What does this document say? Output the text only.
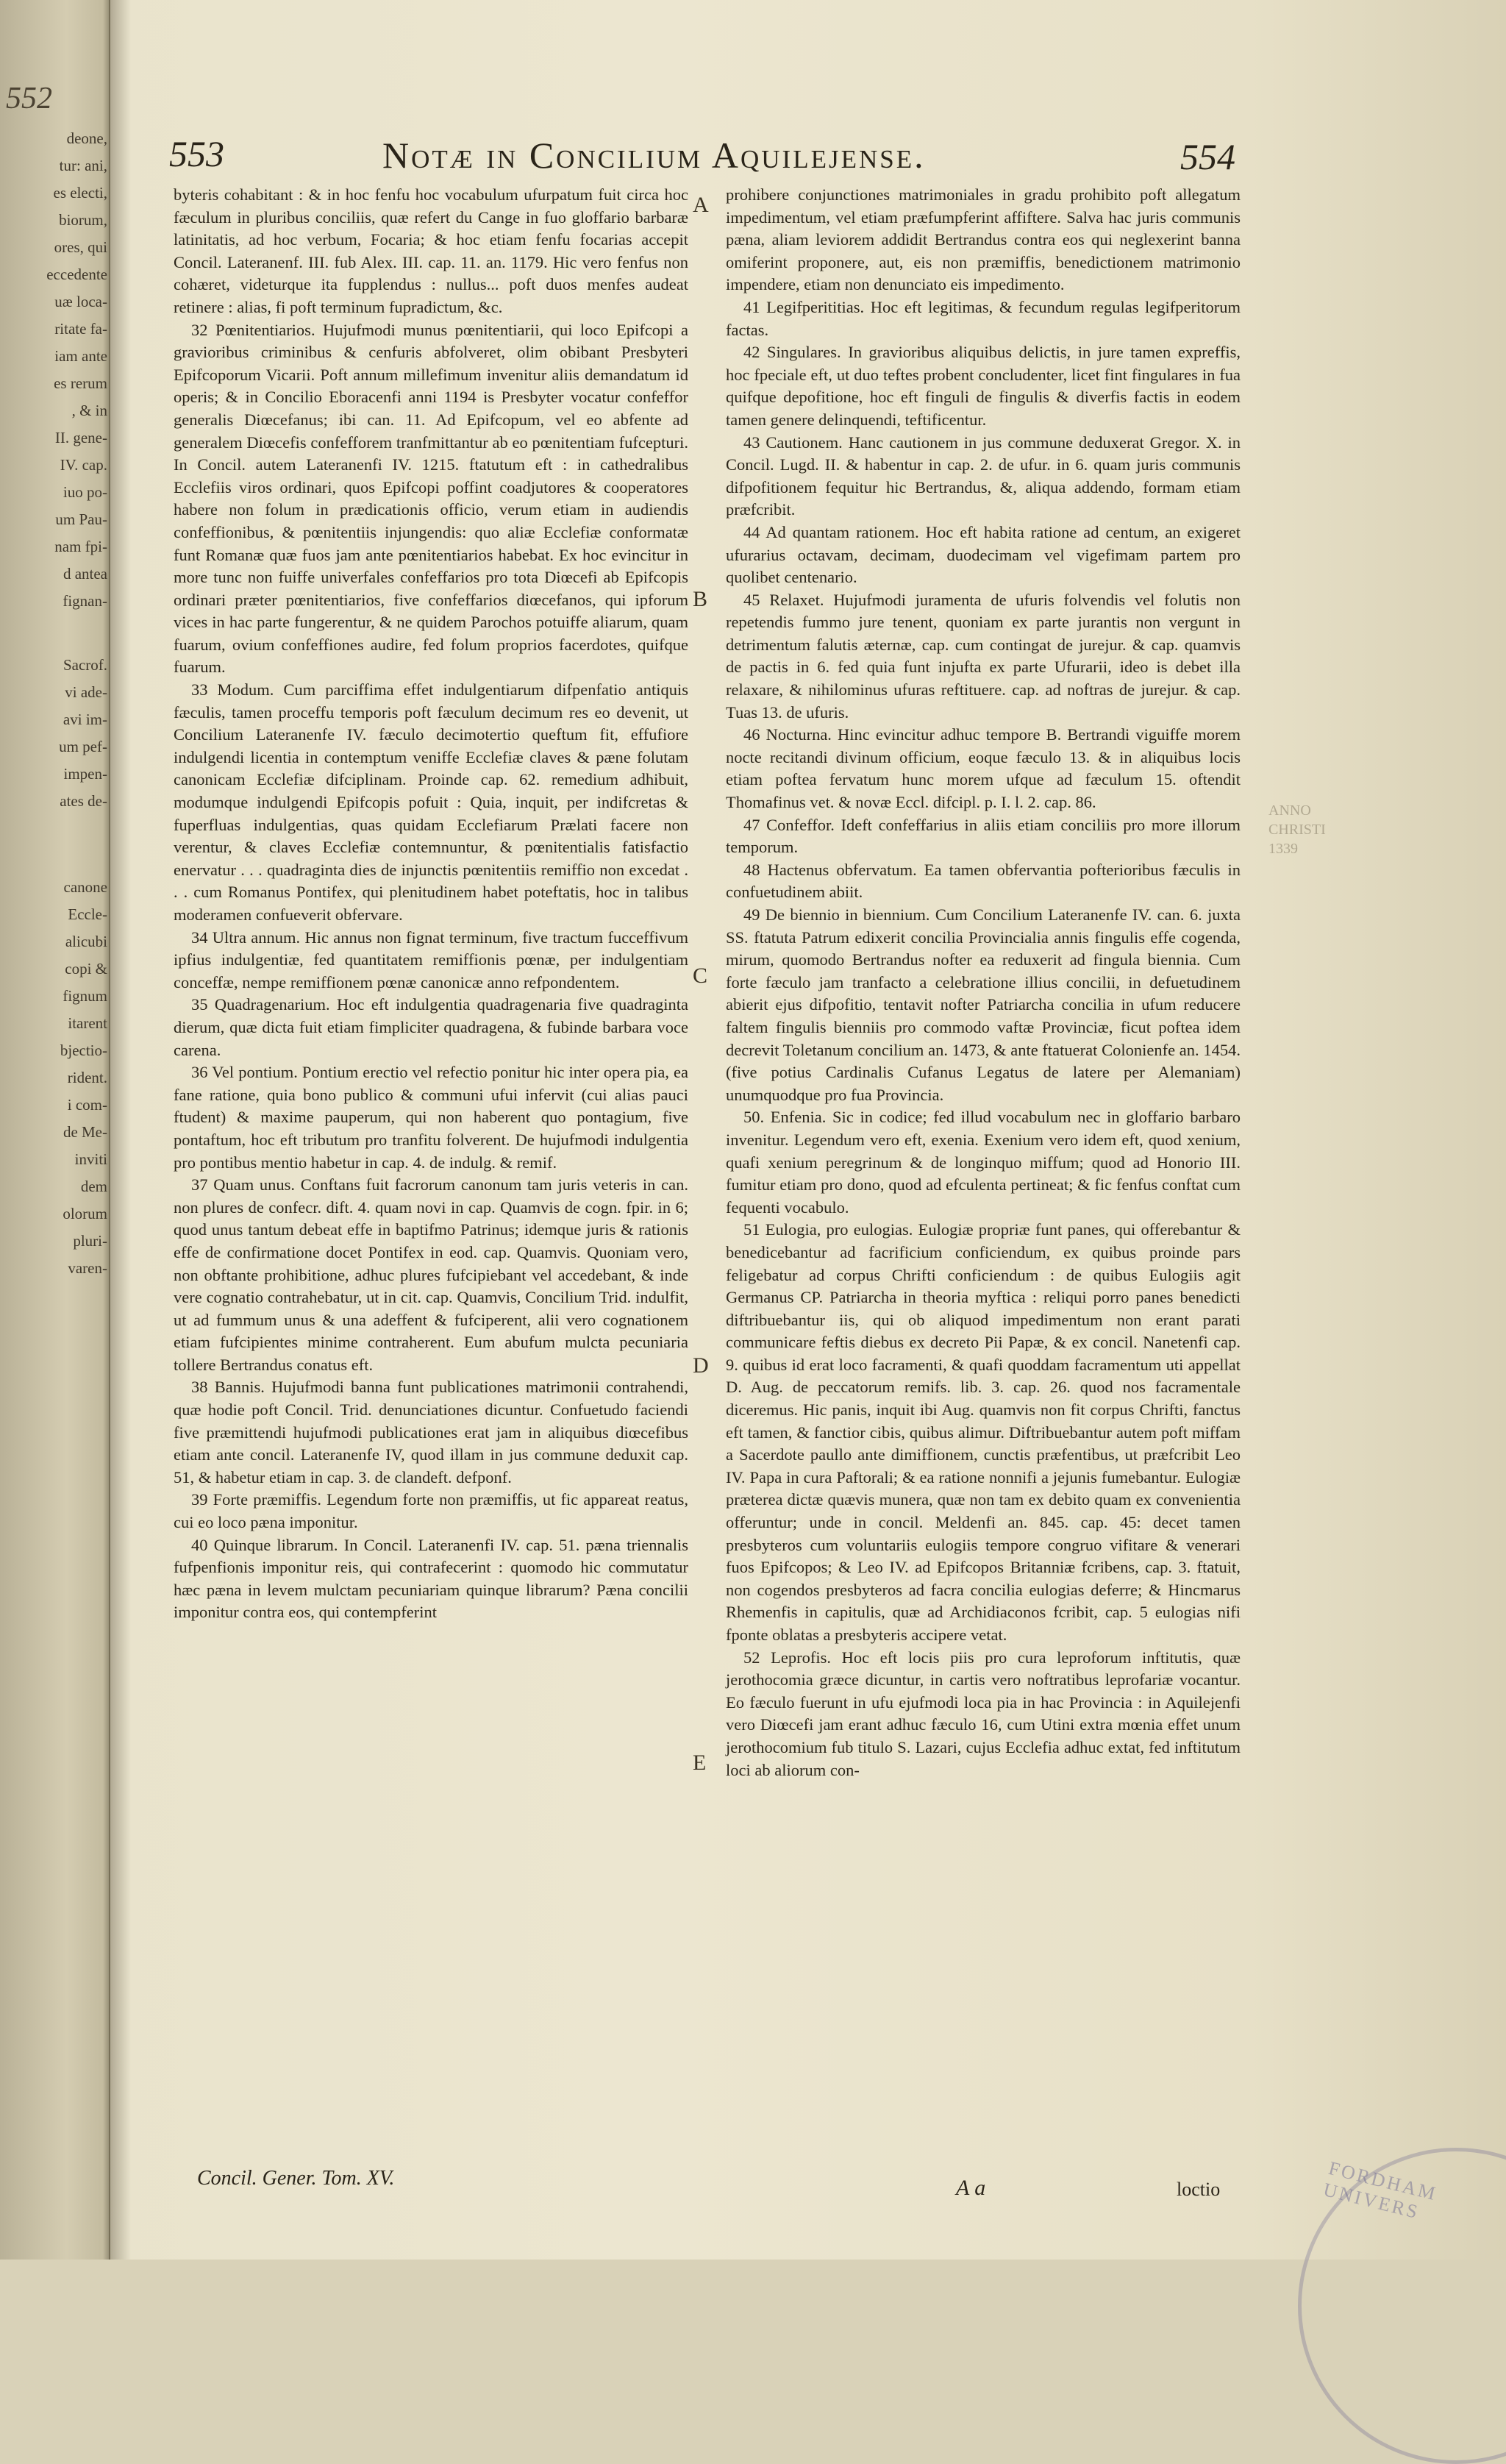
552
deone,
tur: ani,
es electi,
biorum,
ores, qui
eccedente
uæ loca-
ritate fa-
iam ante
es rerum
, & in
II. gene-
IV. cap.
iuo po-
um Pau-
nam fpi-
d antea
fignan-
Sacrof.
vi ade-
avi im-
um pef-
impen-
ates de-
canone
Eccle-
alicubi
copi &
fignum
itarent
bjectio-
rident.
i com-
de Me-
inviti
dem
olorum
pluri-
varen-
553	Notæ in Concilium Aquilejense.	554

byteris cohabitant : & in hoc fenfu hoc vocabulum ufurpatum fuit circa hoc fæculum in pluribus conciliis, quæ refert du Cange in fuo gloffario barbaræ latinitatis, ad hoc verbum, Focaria; & hoc etiam fenfu focarias accepit Concil. Lateranenf. III. fub Alex. III. cap. 11. an. 1179. Hic vero fenfus non cohæret, videturque ita fupplendus : nullus... poft duos menfes audeat retinere : alias, fi poft terminum fupradictum, &c.

32 Pœnitentiarios. Hujufmodi munus pœnitentiarii, qui loco Epifcopi a gravioribus criminibus & cenfuris abfolveret, olim obibant Presbyteri Epifcoporum Vicarii. Poft annum millefimum invenitur aliis demandatum id operis; & in Concilio Eboracenfi anni 1194 is Presbyter vocatur confeffor generalis Diœcefanus; ibi can. 11. Ad Epifcopum, vel eo abfente ad generalem Diœcefis confefforem tranfmittantur ab eo pœnitentiam fufcepturi. In Concil. autem Lateranenfi IV. 1215. ftatutum eft : in cathedralibus Ecclefiis viros ordinari, quos Epifcopi poffint coadjutores & cooperatores habere non folum in prædicationis officio, verum etiam in audiendis confeffionibus, & pœnitentiis injungendis: quo aliæ Ecclefiæ conformatæ funt Romanæ quæ fuos jam ante pœnitentiarios habebat. Ex hoc evincitur in more tunc non fuiffe univerfales confeffarios pro tota Diœcefi ab Epifcopis ordinari præter pœnitentiarios, five confeffarios diœcefanos, qui ipforum vices in hac parte fungerentur, & ne quidem Parochos potuiffe aliarum, quam fuarum, ovium confeffiones audire, fed folum proprios facerdotes, quifque fuarum.

33 Modum. Cum parciffima effet indulgentiarum difpenfatio antiquis fæculis, tamen proceffu temporis poft fæculum decimum res eo devenit, ut Concilium Lateranenfe IV. fæculo decimotertio queftum fit, effufiore indulgendi licentia in contemptum veniffe Ecclefiæ claves & pæne folutam canonicam Ecclefiæ difciplinam. Proinde cap. 62. remedium adhibuit, modumque indulgendi Epifcopis pofuit : Quia, inquit, per indifcretas & fuperfluas indulgentias, quas quidam Ecclefiarum Prælati facere non verentur, & claves Ecclefiæ contemnuntur, & pœnitentialis fatisfactio enervatur . . . quadraginta dies de injunctis pœnitentiis remiffio non excedat . . . cum Romanus Pontifex, qui plenitudinem habet poteftatis, hoc in talibus moderamen confueverit obfervare.

34 Ultra annum. Hic annus non fignat terminum, five tractum fucceffivum ipfius indulgentiæ, fed quantitatem remiffionis pœnæ, per indulgentiam conceffæ, nempe remiffionem pœnæ canonicæ anno refpondentem.

35 Quadragenarium. Hoc eft indulgentia quadragenaria five quadraginta dierum, quæ dicta fuit etiam fimpliciter quadragena, & fubinde barbara voce carena.

36 Vel pontium. Pontium erectio vel refectio ponitur hic inter opera pia, ea fane ratione, quia bono publico & communi ufui infervit (cui alias pauci ftudent) & maxime pauperum, qui non haberent quo pontagium, five pontaftum, hoc eft tributum pro tranfitu folverent. De hujufmodi indulgentia pro pontibus mentio habetur in cap. 4. de indulg. & remif.

37 Quam unus. Conftans fuit facrorum canonum tam juris veteris in can. non plures de confecr. dift. 4. quam novi in cap. Quamvis de cogn. fpir. in 6; quod unus tantum debeat effe in baptifmo Patrinus; idemque juris & rationis effe de confirmatione docet Pontifex in eod. cap. Quamvis. Quoniam vero, non obftante prohibitione, adhuc plures fufcipiebant vel accedebant, & inde vere cognatio contrahebatur, ut in cit. cap. Quamvis, Concilium Trid. indulfit, ut ad fummum unus & una adeffent & fufciperent, alii vero cognationem etiam fufcipientes minime contraherent. Eum abufum mulcta pecuniaria tollere Bertrandus conatus eft.

38 Bannis. Hujufmodi banna funt publicationes matrimonii contrahendi, quæ hodie poft Concil. Trid. denunciationes dicuntur. Confuetudo faciendi five præmittendi hujufmodi publicationes erat jam in aliquibus diœcefibus etiam ante concil. Lateranenfe IV, quod illam in jus commune deduxit cap. 51, & habetur etiam in cap. 3. de clandeft. defponf.

39 Forte præmiffis. Legendum forte non præmiffis, ut fic appareat reatus, cui eo loco pæna imponitur.

40 Quinque librarum. In Concil. Lateranenfi IV. cap. 51. pæna triennalis fufpenfionis imponitur reis, qui contrafecerint : quomodo hic commutatur hæc pæna in levem mulctam pecuniariam quinque librarum? Pæna concilii imponitur contra eos, qui contempferint

prohibere conjunctiones matrimoniales in gradu prohibito poft allegatum impedimentum, vel etiam præfumpferint affiftere. Salva hac juris communis pæna, aliam leviorem addidit Bertrandus contra eos qui neglexerint banna omiferint proponere, aut, eis non præmiffis, benedictionem matrimonio impendere, etiam non denunciato eis impedimento.

41 Legifperititias. Hoc eft legitimas, & fecundum regulas legifperitorum factas.

42 Singulares. In gravioribus aliquibus delictis, in jure tamen expreffis, hoc fpeciale eft, ut duo teftes probent concludenter, licet fint fingulares in fua quifque depofitione, hoc eft finguli de fingulis & diverfis factis in eodem tamen genere delinquendi, teftificentur.

43 Cautionem. Hanc cautionem in jus commune deduxerat Gregor. X. in Concil. Lugd. II. & habentur in cap. 2. de ufur. in 6. quam juris communis difpofitionem fequitur hic Bertrandus, &, aliqua addendo, formam etiam præfcribit.

44 Ad quantam rationem. Hoc eft habita ratione ad centum, an exigeret ufurarius octavam, decimam, duodecimam vel vigefimam partem pro quolibet centenario.

45 Relaxet. Hujufmodi juramenta de ufuris folvendis vel folutis non repetendis fummo jure tenent, quoniam ex parte jurantis non vergunt in detrimentum falutis æternæ, cap. cum contingat de jurejur. & cap. quamvis de pactis in 6. fed quia funt injufta ex parte Ufurarii, ideo is debet illa relaxare, & nihilominus ufuras reftituere. cap. ad noftras de jurejur. & cap. Tuas 13. de ufuris.

46 Nocturna. Hinc evincitur adhuc tempore B. Bertrandi viguiffe morem nocte recitandi divinum officium, eoque fæculo 13. & in aliquibus locis etiam poftea fervatum hunc morem ufque ad fæculum 15. oftendit Thomafinus vet. & novæ Eccl. difcipl. p. I. l. 2. cap. 86.

47 Confeffor. Ideft confeffarius in aliis etiam conciliis pro more illorum temporum.

48 Hactenus obfervatum. Ea tamen obfervantia pofterioribus fæculis in confuetudinem abiit.

49 De biennio in biennium. Cum Concilium Lateranenfe IV. can. 6. juxta SS. ftatuta Patrum edixerit concilia Provincialia annis fingulis effe cogenda, mirum, quomodo Bertrandus nofter ea reduxerit ad fingula biennia. Cum forte fæculo jam tranfacto a celebratione illius concilii, in defuetudinem abierit ejus difpofitio, tentavit nofter Patriarcha concilia in ufum reducere faltem fingulis bienniis pro commodo vaftæ Provinciæ, ficut poftea idem decrevit Toletanum concilium an. 1473, & ante ftatuerat Colonienfe an. 1454. (five potius Cardinalis Cufanus Legatus de latere per Alemaniam) unumquodque pro fua Provincia.

50. Enfenia. Sic in codice; fed illud vocabulum nec in gloffario barbaro invenitur. Legendum vero eft, exenia. Exenium vero idem eft, quod xenium, quafi xenium peregrinum & de longinquo miffum; quod ad Honorio III. fumitur etiam pro dono, quod ad efculenta pertineat; & fic fenfus conftat cum fequenti vocabulo.

51 Eulogia, pro eulogias. Eulogiæ propriæ funt panes, qui offerebantur & benedicebantur ad facrificium conficiendum, ex quibus proinde pars feligebatur ad corpus Chrifti conficiendum : de quibus Eulogiis agit Germanus CP. Patriarcha in theoria myftica : reliqui porro panes benedicti diftribuebantur iis, qui ob aliquod impedimentum non erant parati communicare feftis diebus ex decreto Pii Papæ, & ex concil. Nanetenfi cap. 9. quibus id erat loco facramenti, & quafi quoddam facramentum uti appellat D. Aug. de peccatorum remifs. lib. 3. cap. 26. quod nos facramentale diceremus. Hic panis, inquit ibi Aug. quamvis non fit corpus Chrifti, fanctus eft tamen, & fanctior cibis, quibus alimur. Diftribuebantur autem poft miffam a Sacerdote paullo ante dimiffionem, cunctis præfentibus, ut præfcribit Leo IV. Papa in cura Paftorali; & ea ratione nonnifi a jejunis fumebantur. Eulogiæ præterea dictæ quævis munera, quæ non tam ex debito quam ex convenientia offeruntur; unde in concil. Meldenfi an. 845. cap. 45: decet tamen presbyteros cum voluntariis eulogiis tempore congruo vifitare & venerari fuos Epifcopos; & Leo IV. ad Epifcopos Britanniæ fcribens, cap. 3. ftatuit, non cogendos presbyteros ad facra concilia eulogias deferre; & Hincmarus Rhemenfis in capitulis, quæ ad Archidiaconos fcribit, cap. 5 eulogias nifi fponte oblatas a presbyteris accipere vetat.

52 Leprofis. Hoc eft locis piis pro cura leproforum inftitutis, quæ jerothocomia græce dicuntur, in cartis vero noftratibus leprofariæ vocantur. Eo fæculo fuerunt in ufu ejufmodi loca pia in hac Provincia : in Aquilejenfi vero Diœcefi jam erant adhuc fæculo 16, cum Utini extra mœnia effet unum jerothocomium fub titulo S. Lazari, cujus Ecclefia adhuc extat, fed inftitutum loci ab aliorum con-

A
B
C
D
E
ANNO
CHRISTI
1339
Concil. Gener. Tom. XV.	A a	loctio	FORDHAM UNIVERS
